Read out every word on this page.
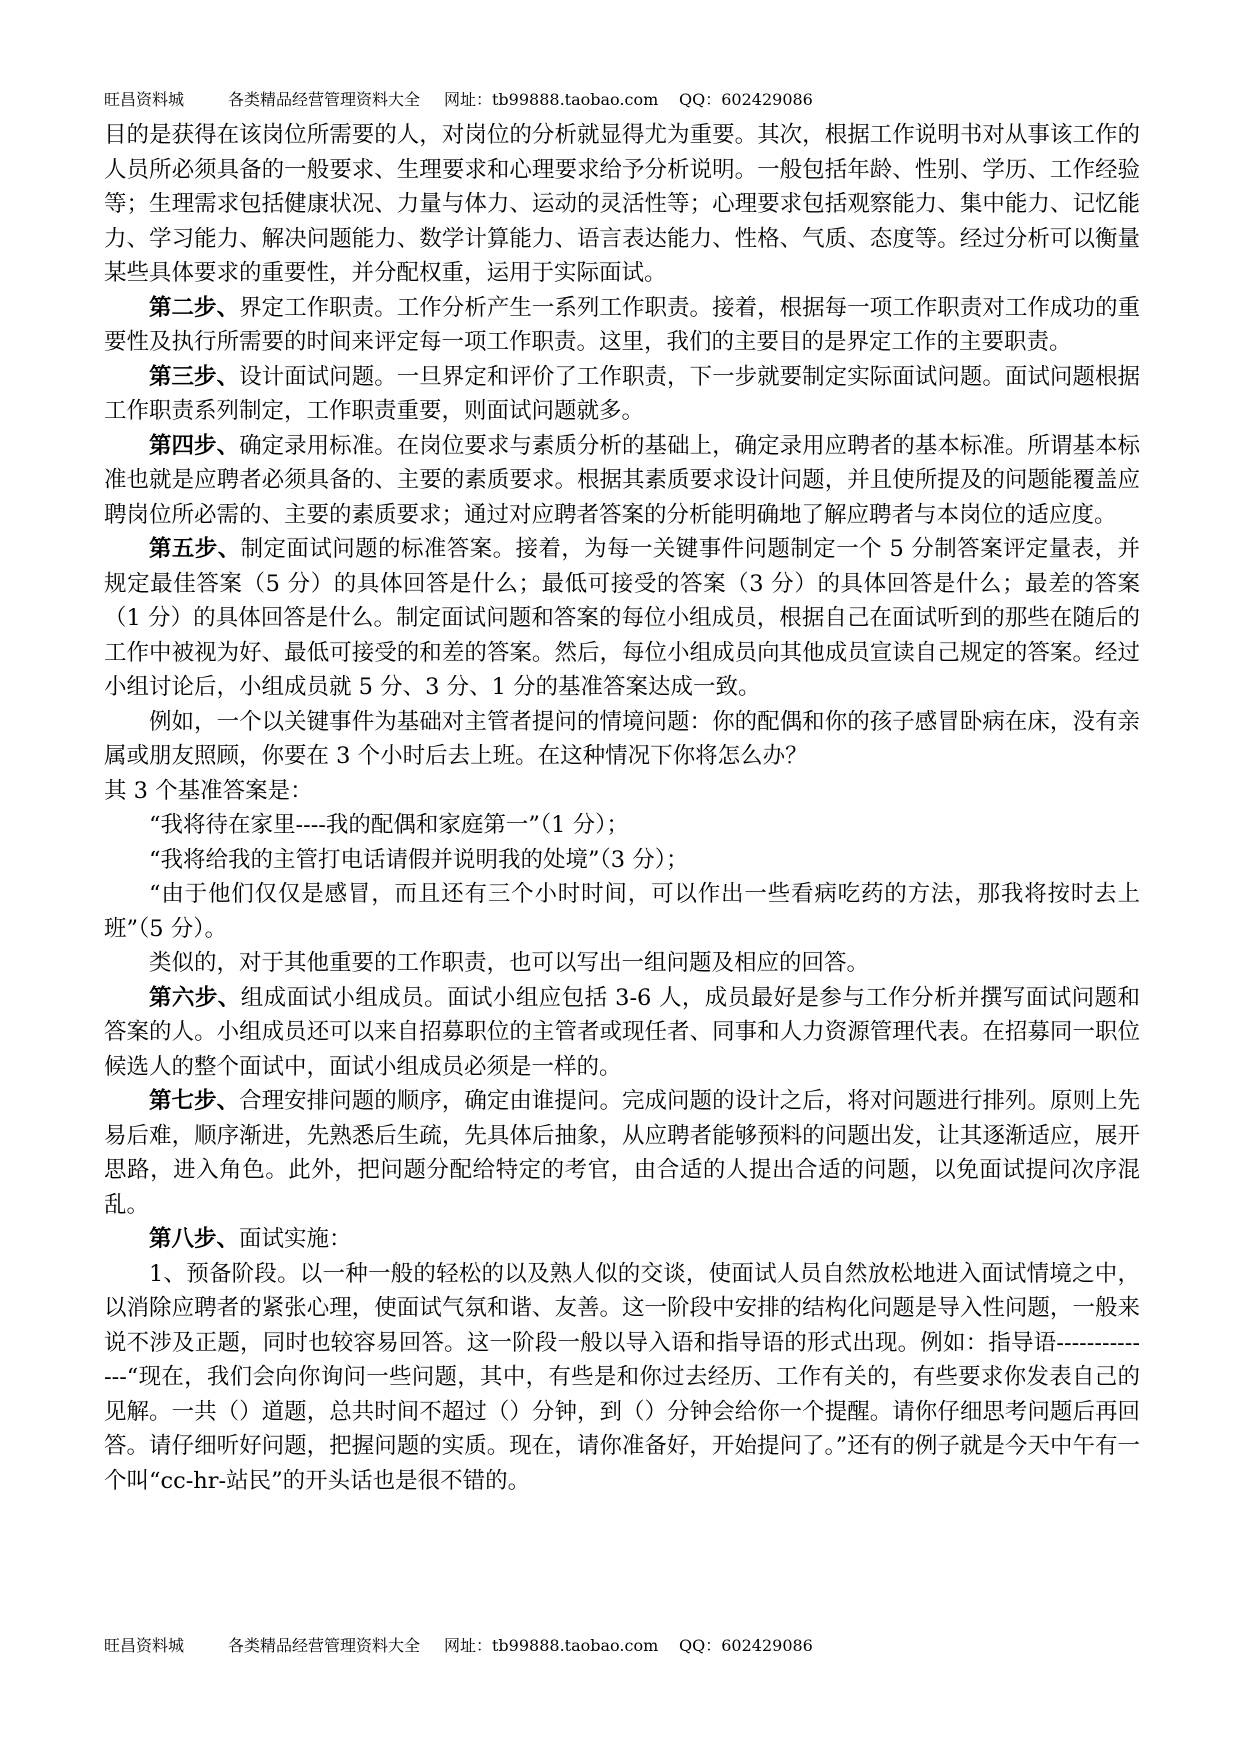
旺昌资料城	各类精品经营管理资料大全 网址：tb99888.taobao.com QQ：602429086

目的是获得在该岗位所需要的人，对岗位的分析就显得尤为重要。其次，根据工作说明书对从事该工作的人员所必须具备的一般要求、生理要求和心理要求给予分析说明。一般包括年龄、性别、学历、工作经验等；生理需求包括健康状况、力量与体力、运动的灵活性等；心理要求包括观察能力、集中能力、记忆能力、学习能力、解决问题能力、数学计算能力、语言表达能力、性格、气质、态度等。经过分析可以衡量某些具体要求的重要性，并分配权重，运用于实际面试。

第二步、界定工作职责。工作分析产生一系列工作职责。接着，根据每一项工作职责对工作成功的重要性及执行所需要的时间来评定每一项工作职责。这里，我们的主要目的是界定工作的主要职责。

第三步、设计面试问题。一旦界定和评价了工作职责，下一步就要制定实际面试问题。面试问题根据工作职责系列制定，工作职责重要，则面试问题就多。

第四步、确定录用标准。在岗位要求与素质分析的基础上，确定录用应聘者的基本标准。所谓基本标准也就是应聘者必须具备的、主要的素质要求。根据其素质要求设计问题，并且使所提及的问题能覆盖应聘岗位所必需的、主要的素质要求；通过对应聘者答案的分析能明确地了解应聘者与本岗位的适应度。

第五步、制定面试问题的标准答案。接着，为每一关键事件问题制定一个 5 分制答案评定量表，并规定最佳答案（5 分）的具体回答是什么；最低可接受的答案（3 分）的具体回答是什么；最差的答案（1 分）的具体回答是什么。制定面试问题和答案的每位小组成员，根据自己在面试听到的那些在随后的工作中被视为好、最低可接受的和差的答案。然后，每位小组成员向其他成员宣读自己规定的答案。经过小组讨论后，小组成员就 5 分、3 分、1 分的基准答案达成一致。

例如，一个以关键事件为基础对主管者提问的情境问题：你的配偶和你的孩子感冒卧病在床，没有亲属或朋友照顾，你要在 3 个小时后去上班。在这种情况下你将怎么办？

其 3 个基准答案是：

“我将待在家里----我的配偶和家庭第一”（1 分）；

“我将给我的主管打电话请假并说明我的处境”（3 分）；

“由于他们仅仅是感冒，而且还有三个小时时间，可以作出一些看病吃药的方法，那我将按时去上班”（5 分）。

类似的，对于其他重要的工作职责，也可以写出一组问题及相应的回答。

第六步、组成面试小组成员。面试小组应包括 3-6 人，成员最好是参与工作分析并撰写面试问题和答案的人。小组成员还可以来自招募职位的主管者或现任者、同事和人力资源管理代表。在招募同一职位候选人的整个面试中，面试小组成员必须是一样的。

第七步、合理安排问题的顺序，确定由谁提问。完成问题的设计之后，将对问题进行排列。原则上先易后难，顺序渐进，先熟悉后生疏，先具体后抽象，从应聘者能够预料的问题出发，让其逐渐适应，展开思路，进入角色。此外，把问题分配给特定的考官，由合适的人提出合适的问题，以免面试提问次序混乱。

第八步、面试实施：

1、预备阶段。以一种一般的轻松的以及熟人似的交谈，使面试人员自然放松地进入面试情境之中，以消除应聘者的紧张心理，使面试气氛和谐、友善。这一阶段中安排的结构化问题是导入性问题，一般来说不涉及正题，同时也较容易回答。这一阶段一般以导入语和指导语的形式出现。例如：指导语--------------“现在，我们会向你询问一些问题，其中，有些是和你过去经历、工作有关的，有些要求你发表自己的见解。一共（）道题，总共时间不超过（）分钟，到（）分钟会给你一个提醒。请你仔细思考问题后再回答。请仔细听好问题，把握问题的实质。现在，请你准备好，开始提问了。”还有的例子就是今天中午有一个叫“cc-hr-站民”的开头话也是很不错的。

旺昌资料城	各类精品经营管理资料大全 网址：tb99888.taobao.com QQ：602429086
